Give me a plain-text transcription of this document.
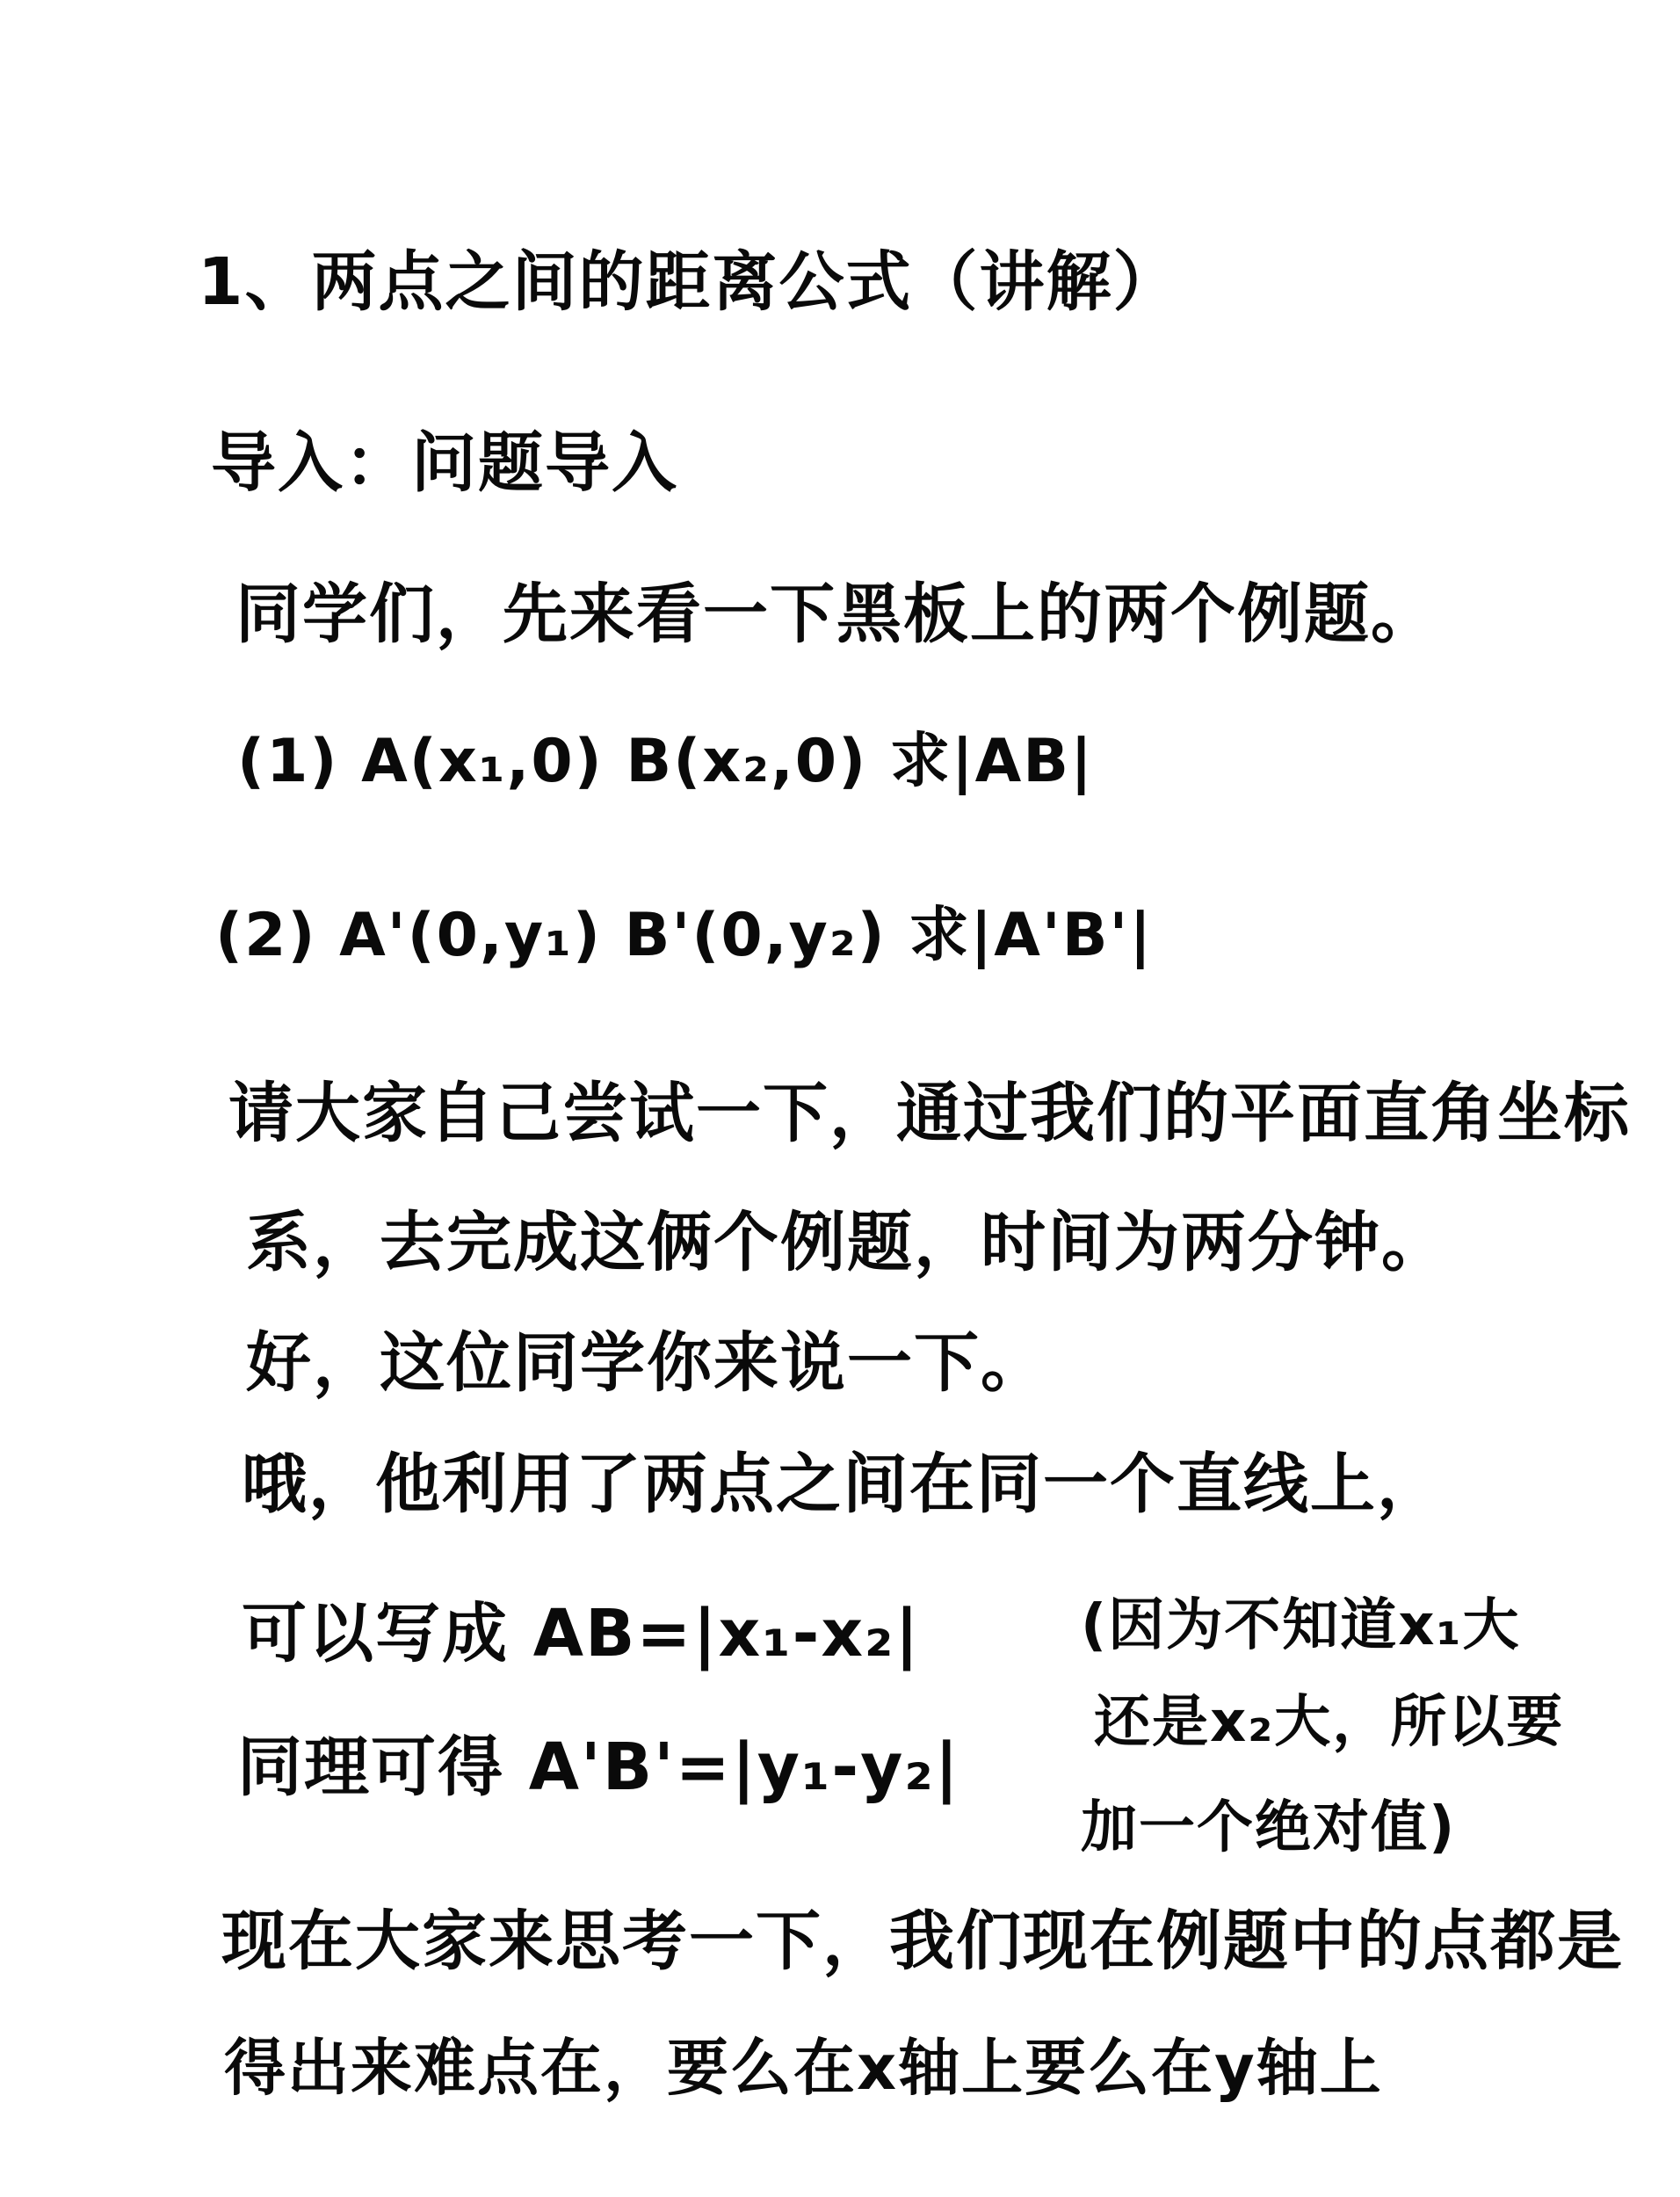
1、两点之间的距离公式（讲解）
导入：问题导入
同学们，先来看一下黑板上的两个例题。
(1) A(x₁,0) B(x₂,0) 求|AB|
(2) A'(0,y₁) B'(0,y₂) 求|A'B'|
请大家自己尝试一下，通过我们的平面直角坐标
系，去完成这俩个例题，时间为两分钟。
好，这位同学你来说一下。
哦，他利用了两点之间在同一个直线上，
可以写成 AB=|x₁-x₂|
同理可得 A'B'=|y₁-y₂|
(因为不知道x₁大
还是x₂大，所以要
加一个绝对值)
现在大家来思考一下，我们现在例题中的点都是
得出来难点在，要么在x轴上要么在y轴上
